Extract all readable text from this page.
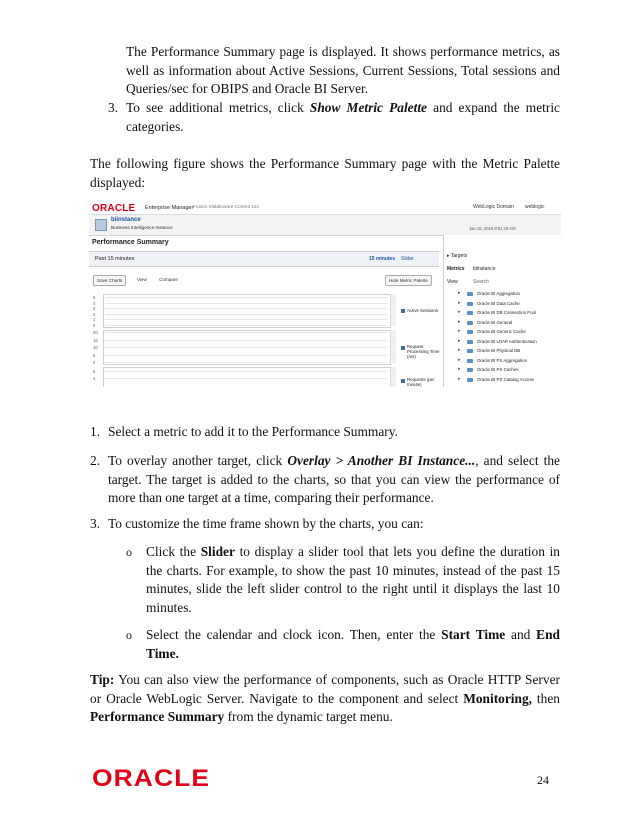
The Performance Summary page is displayed. It shows performance metrics, as well as information about Active Sessions, Current Sessions, Total sessions and Queries/sec for OBIPS and Oracle BI Server.

3. To see additional metrics, click Show Metric Palette and expand the metric categories.

The following figure shows the Performance Summary page with the Metric Palette displayed:

ORACLE Enterprise Manager Fusion Middleware Control 12c	WebLogic Domain weblogic
biinstance
Business Intelligence Instance	Jan 15, 2016 8:01:19 AM
Performance Summary
Past 15 minutes	15 minutes Slider
Save Charts	View	Compare	Hide Metric Palette
5
4
3
2
1
0
Active Sessions
20
15
10
5
0
Request Processing Time (ms)
5
4	Requests (per minute)
▸ Targets
Metrics biinstance
View	Search
▸	Oracle BI Aggregation
▸	Oracle BI Data Cache
▸	Oracle BI DB Connection Pool
▸	Oracle BI General
▸	Oracle BI Generic Cache
▸	Oracle BI LDAP Authentication
▸	Oracle BI Physical DB
▸	Oracle BI PS Aggregation
▸	Oracle BI PS Caches
▸	Oracle BI PS Catalog Access
1. Select a metric to add it to the Performance Summary.

2. To overlay another target, click Overlay > Another BI Instance..., and select the target. The target is added to the charts, so that you can view the performance of more than one target at a time, comparing their performance.

3. To customize the time frame shown by the charts, you can:

o Click the Slider to display a slider tool that lets you define the duration in the charts. For example, to show the past 10 minutes, instead of the past 15 minutes, slide the left slider control to the right until it displays the last 10 minutes.

o Select the calendar and clock icon. Then, enter the Start Time and End Time.

Tip: You can also view the performance of components, such as Oracle HTTP Server or Oracle WebLogic Server. Navigate to the component and select Monitoring, then Performance Summary from the dynamic target menu.

ORACLE	24
